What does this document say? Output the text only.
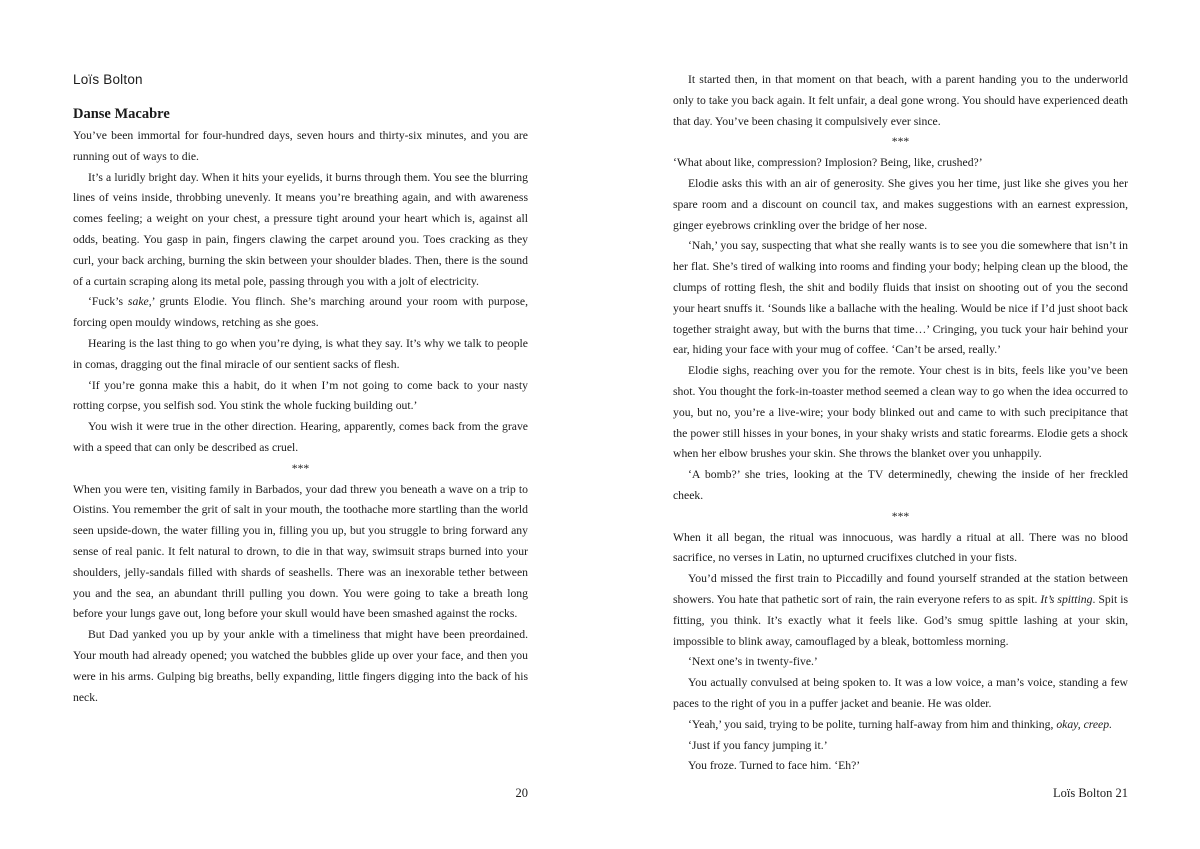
Loïs Bolton
Danse Macabre

You’ve been immortal for four-hundred days, seven hours and thirty-six minutes, and you are running out of ways to die.

It’s a luridly bright day. When it hits your eyelids, it burns through them. You see the blurring lines of veins inside, throbbing unevenly. It means you’re breathing again, and with awareness comes feeling; a weight on your chest, a pressure tight around your heart which is, against all odds, beating. You gasp in pain, fingers clawing the carpet around you. Toes cracking as they curl, your back arching, burning the skin between your shoulder blades. Then, there is the sound of a curtain scraping along its metal pole, passing through you with a jolt of electricity.

‘Fuck’s sake,’ grunts Elodie. You flinch. She’s marching around your room with purpose, forcing open mouldy windows, retching as she goes.

Hearing is the last thing to go when you’re dying, is what they say. It’s why we talk to people in comas, dragging out the final miracle of our sentient sacks of flesh.

‘If you’re gonna make this a habit, do it when I’m not going to come back to your nasty rotting corpse, you selfish sod. You stink the whole fucking building out.’

You wish it were true in the other direction. Hearing, apparently, comes back from the grave with a speed that can only be described as cruel.

***

When you were ten, visiting family in Barbados, your dad threw you beneath a wave on a trip to Oistins. You remember the grit of salt in your mouth, the toothache more startling than the world seen upside-down, the water filling you in, filling you up, but you struggle to bring forward any sense of real panic. It felt natural to drown, to die in that way, swimsuit straps burned into your shoulders, jelly-sandals filled with shards of seashells. There was an inexorable tether between you and the sea, an abundant thrill pulling you down. You were going to take a breath long before your lungs gave out, long before your skull would have been smashed against the rocks.

But Dad yanked you up by your ankle with a timeliness that might have been preordained. Your mouth had already opened; you watched the bubbles glide up over your face, and then you were in his arms. Gulping big breaths, belly expanding, little fingers digging into the back of his neck.

20

It started then, in that moment on that beach, with a parent handing you to the underworld only to take you back again. It felt unfair, a deal gone wrong. You should have experienced death that day. You’ve been chasing it compulsively ever since.

***

‘What about like, compression? Implosion? Being, like, crushed?’

Elodie asks this with an air of generosity. She gives you her time, just like she gives you her spare room and a discount on council tax, and makes suggestions with an earnest expression, ginger eyebrows crinkling over the bridge of her nose.

‘Nah,’ you say, suspecting that what she really wants is to see you die somewhere that isn’t in her flat. She’s tired of walking into rooms and finding your body; helping clean up the blood, the clumps of rotting flesh, the shit and bodily fluids that insist on shooting out of you the second your heart snuffs it. ‘Sounds like a ballache with the healing. Would be nice if I’d just shoot back together straight away, but with the burns that time…’ Cringing, you tuck your hair behind your ear, hiding your face with your mug of coffee. ‘Can’t be arsed, really.’

Elodie sighs, reaching over you for the remote. Your chest is in bits, feels like you’ve been shot. You thought the fork-in-toaster method seemed a clean way to go when the idea occurred to you, but no, you’re a live-wire; your body blinked out and came to with such precipitance that the power still hisses in your bones, in your shaky wrists and static forearms. Elodie gets a shock when her elbow brushes your skin. She throws the blanket over you unhappily.

‘A bomb?’ she tries, looking at the TV determinedly, chewing the inside of her freckled cheek.

***

When it all began, the ritual was innocuous, was hardly a ritual at all. There was no blood sacrifice, no verses in Latin, no upturned crucifixes clutched in your fists.

You’d missed the first train to Piccadilly and found yourself stranded at the station between showers. You hate that pathetic sort of rain, the rain everyone refers to as spit. It’s spitting. Spit is fitting, you think. It’s exactly what it feels like. God’s smug spittle lashing at your skin, impossible to blink away, camouflaged by a bleak, bottomless morning.

‘Next one’s in twenty-five.’

You actually convulsed at being spoken to. It was a low voice, a man’s voice, standing a few paces to the right of you in a puffer jacket and beanie. He was older.

‘Yeah,’ you said, trying to be polite, turning half-away from him and thinking, okay, creep.

‘Just if you fancy jumping it.’

You froze. Turned to face him. ‘Eh?’

Loïs Bolton 21
